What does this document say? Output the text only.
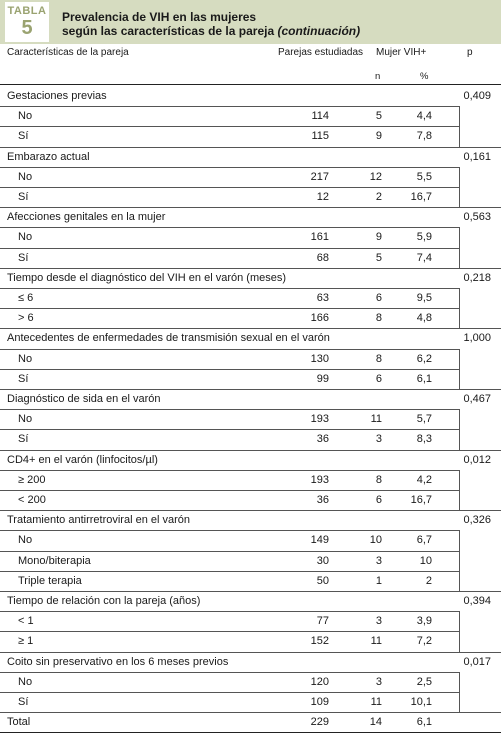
TABLA
5	Prevalencia de VIH en las mujeres
según las características de la pareja (continuación)
Características de la pareja	Parejas estudiadas Mujer VIH+	p
n	%
Gestaciones previas	0,409
No	114	5	4,4
Sí	115	9	7,8
Embarazo actual	0,161
No	217	12	5,5
Sí	12	2	16,7
Afecciones genitales en la mujer	0,563
No	161	9	5,9
Sí	68	5	7,4
Tiempo desde el diagnóstico del VIH en el varón (meses)	0,218
≤ 6	63	6	9,5
> 6	166	8	4,8
Antecedentes de enfermedades de transmisión sexual en el varón	1,000
No	130	8	6,2
Sí	99	6	6,1
Diagnóstico de sida en el varón	0,467
No	193	11	5,7
Sí	36	3	8,3
CD4+ en el varón (linfocitos/µl)	0,012
≥ 200	193	8	4,2
< 200	36	6	16,7
Tratamiento antirretroviral en el varón	0,326
No	149	10	6,7
Mono/biterapia	30	3	10
Triple terapia	50	1	2
Tiempo de relación con la pareja (años)	0,394
< 1	77	3	3,9
≥ 1	152	11	7,2
Coito sin preservativo en los 6 meses previos	0,017
No	120	3	2,5
Sí	109	11	10,1
Total	229	14	6,1
